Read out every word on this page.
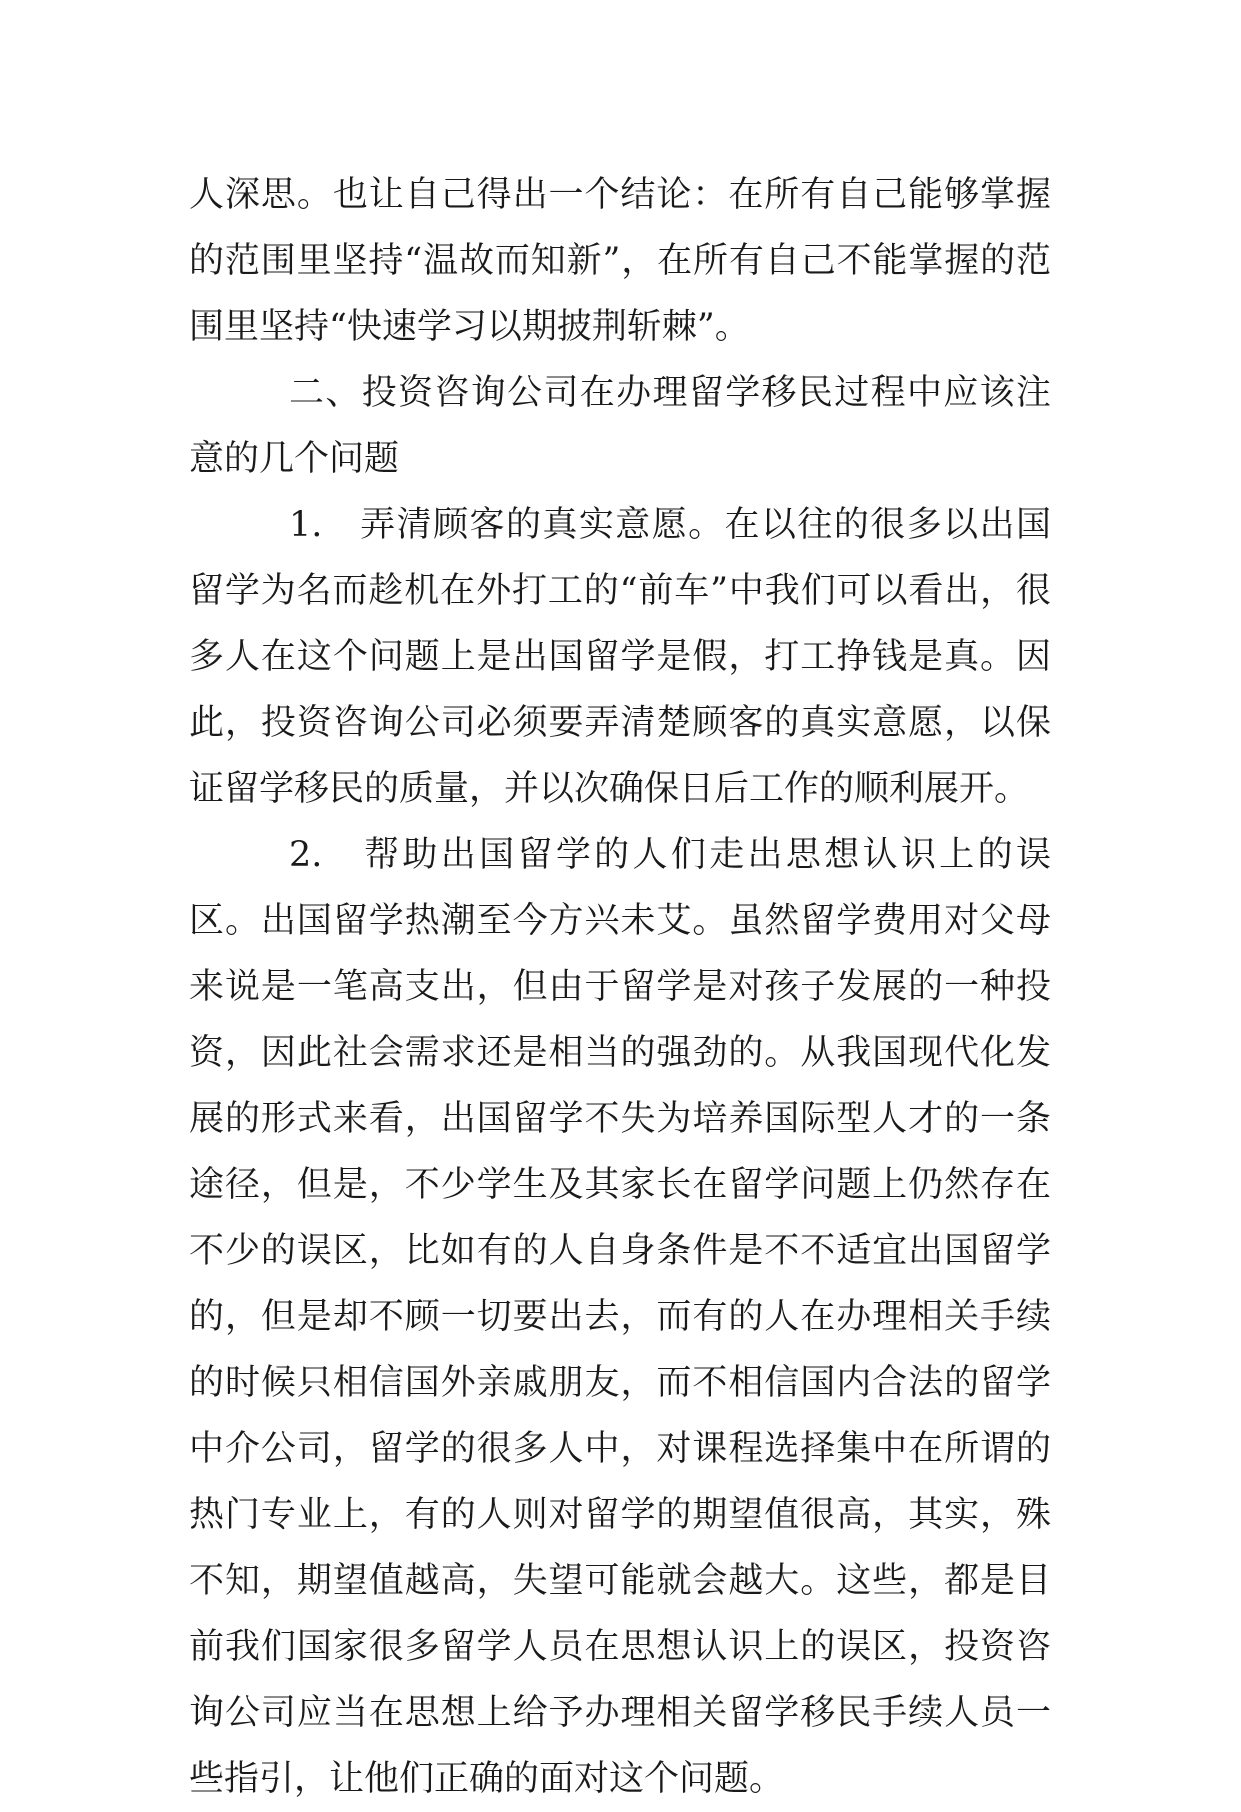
人深思。也让自己得出一个结论：在所有自己能够掌握的范围里坚持“温故而知新”，在所有自己不能掌握的范围里坚持“快速学习以期披荆斩棘”。

二、投资咨询公司在办理留学移民过程中应该注意的几个问题

1.　弄清顾客的真实意愿。在以往的很多以出国留学为名而趁机在外打工的“前车”中我们可以看出，很多人在这个问题上是出国留学是假，打工挣钱是真。因此，投资咨询公司必须要弄清楚顾客的真实意愿，以保证留学移民的质量，并以次确保日后工作的顺利展开。

2.　帮助出国留学的人们走出思想认识上的误区。出国留学热潮至今方兴未艾。虽然留学费用对父母来说是一笔高支出，但由于留学是对孩子发展的一种投资，因此社会需求还是相当的强劲的。从我国现代化发展的形式来看，出国留学不失为培养国际型人才的一条途径，但是，不少学生及其家长在留学问题上仍然存在不少的误区，比如有的人自身条件是不不适宜出国留学的，但是却不顾一切要出去，而有的人在办理相关手续的时候只相信国外亲戚朋友，而不相信国内合法的留学中介公司，留学的很多人中，对课程选择集中在所谓的热门专业上，有的人则对留学的期望值很高，其实，殊不知，期望值越高，失望可能就会越大。这些，都是目前我们国家很多留学人员在思想认识上的误区，投资咨询公司应当在思想上给予办理相关留学移民手续人员一些指引，让他们正确的面对这个问题。
